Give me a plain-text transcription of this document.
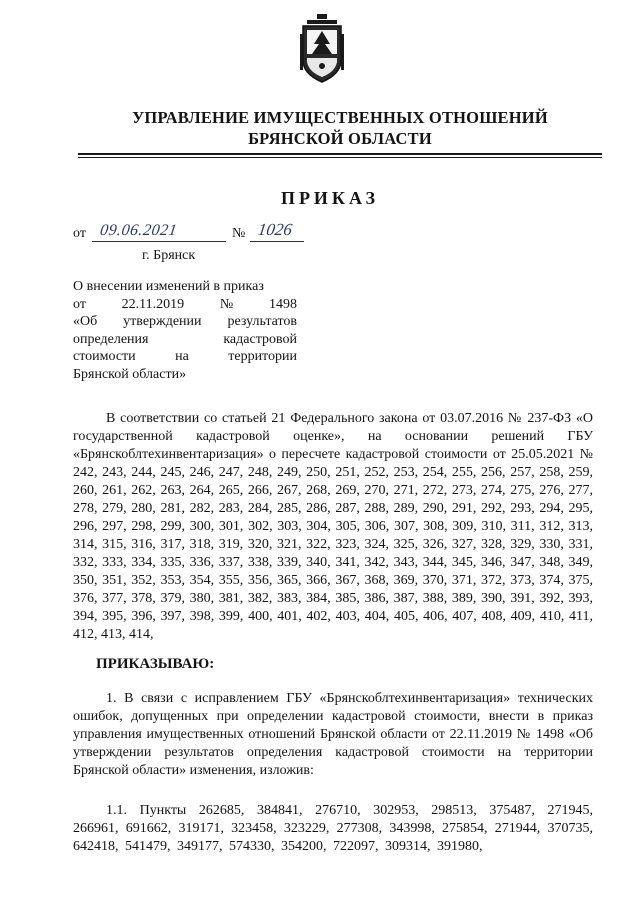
УПРАВЛЕНИЕ ИМУЩЕСТВЕННЫХ ОТНОШЕНИЙ
БРЯНСКОЙ ОБЛАСТИ
ПРИКАЗ
от 09.06.2021	№ 1026
г. Брянск
О внесении изменений в приказ
от	22.11.2019	№	1498
«Об утверждении результатов
определения	кадастровой
стоимости	на	территории
Брянской области»
В соответствии со статьей 21 Федерального закона от 03.07.2016 № 237-ФЗ «О государственной кадастровой оценке», на основании решений ГБУ «Брянскоблтехинвентаризация» о пересчете кадастровой стоимости от 25.05.2021 № 242, 243, 244, 245, 246, 247, 248, 249, 250, 251, 252, 253, 254, 255, 256, 257, 258, 259, 260, 261, 262, 263, 264, 265, 266, 267, 268, 269, 270, 271, 272, 273, 274, 275, 276, 277, 278, 279, 280, 281, 282, 283, 284, 285, 286, 287, 288, 289, 290, 291, 292, 293, 294, 295, 296, 297, 298, 299, 300, 301, 302, 303, 304, 305, 306, 307, 308, 309, 310, 311, 312, 313, 314, 315, 316, 317, 318, 319, 320, 321, 322, 323, 324, 325, 326, 327, 328, 329, 330, 331, 332, 333, 334, 335, 336, 337, 338, 339, 340, 341, 342, 343, 344, 345, 346, 347, 348, 349, 350, 351, 352, 353, 354, 355, 356, 365, 366, 367, 368, 369, 370, 371, 372, 373, 374, 375, 376, 377, 378, 379, 380, 381, 382, 383, 384, 385, 386, 387, 388, 389, 390, 391, 392, 393, 394, 395, 396, 397, 398, 399, 400, 401, 402, 403, 404, 405, 406, 407, 408, 409, 410, 411, 412, 413, 414,
ПРИКАЗЫВАЮ:
1. В связи с исправлением ГБУ «Брянскоблтехинвентаризация» технических ошибок, допущенных при определении кадастровой стоимости, внести в приказ управления имущественных отношений Брянской области от 22.11.2019 № 1498 «Об утверждении результатов определения кадастровой стоимости на территории Брянской области» изменения, изложив:
1.1. Пункты 262685, 384841, 276710, 302953, 298513, 375487, 271945, 266961, 691662, 319171, 323458, 323229, 277308, 343998, 275854, 271944, 370735, 642418, 541479, 349177, 574330, 354200, 722097, 309314, 391980,
